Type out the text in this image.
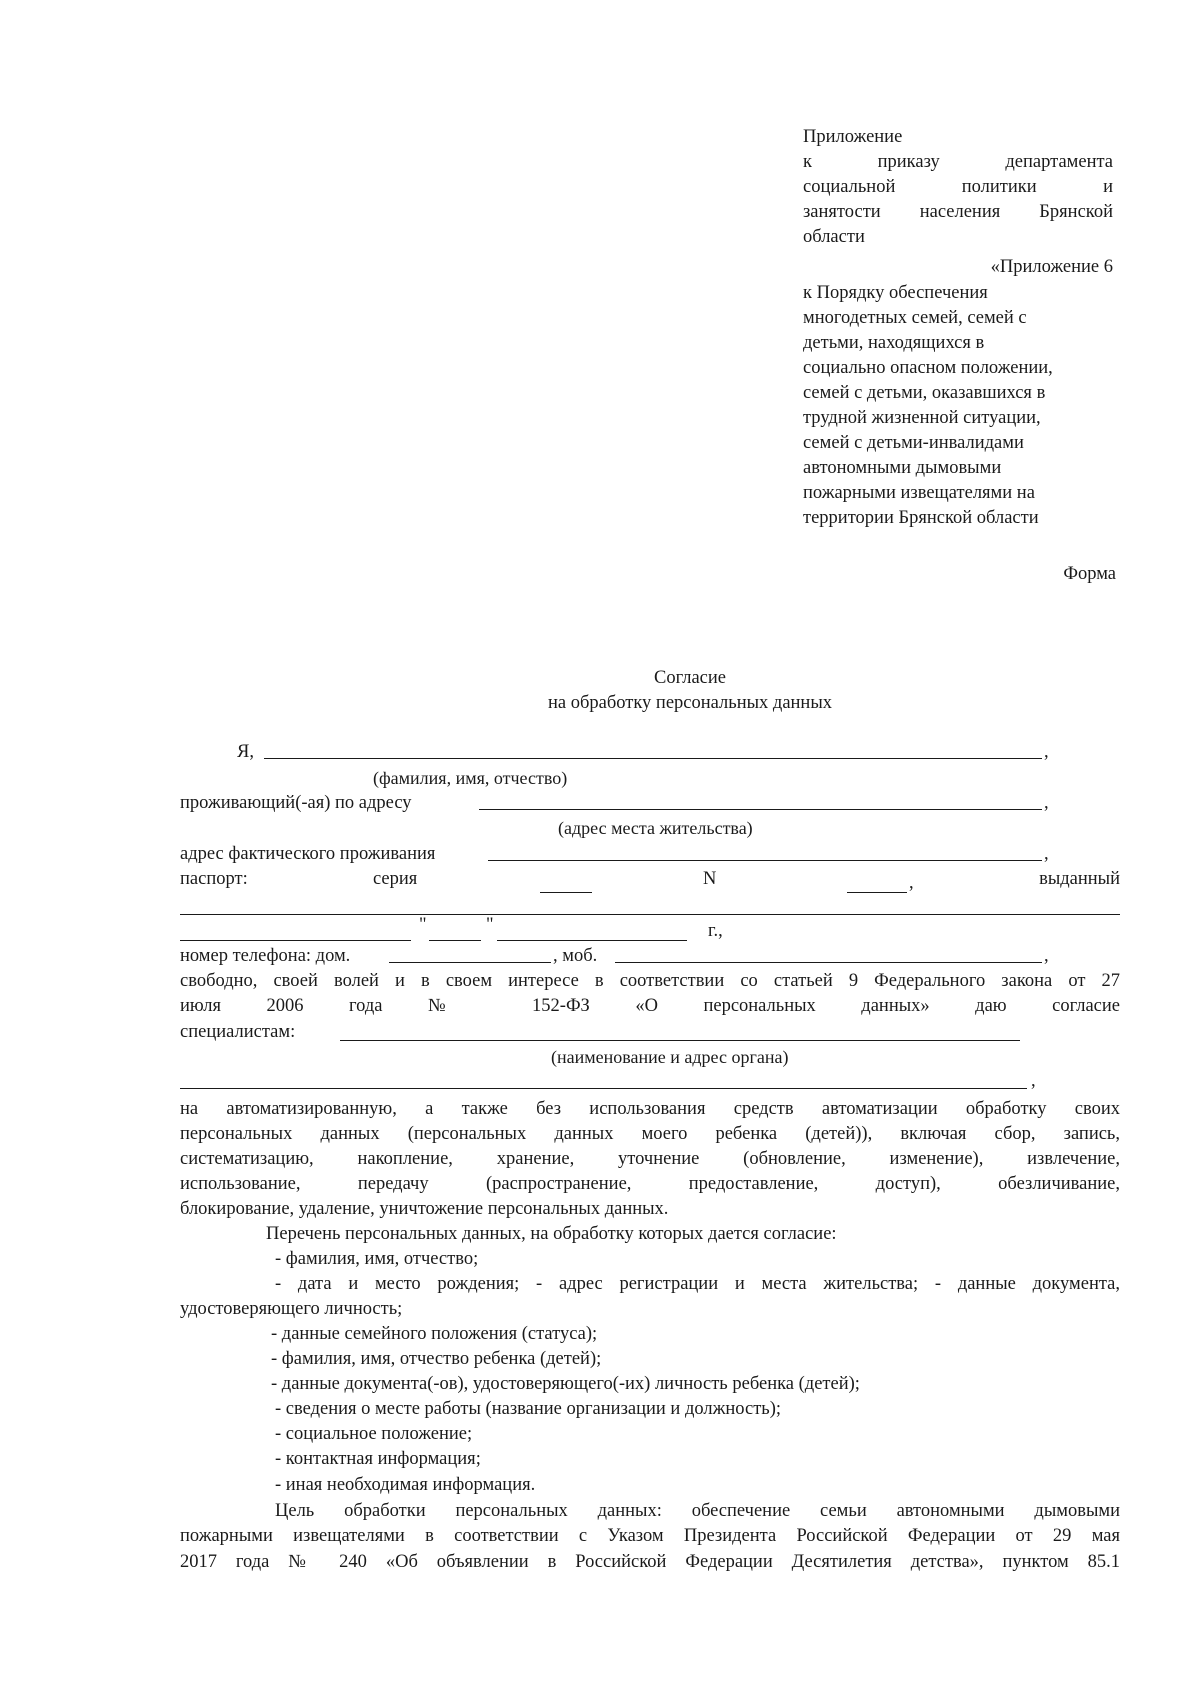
Приложение
к приказу департамента
социальной политики и
занятости населения Брянской
области
«Приложение 6
к Порядку обеспечения
многодетных семей, семей с
детьми, находящихся в
социально опасном положении,
семей с детьми, оказавшихся в
трудной жизненной ситуации,
семей с детьми-инвалидами
автономными дымовыми
пожарными извещателями на
территории Брянской области
Форма
Согласие
на обработку персональных данных
Я,	,
(фамилия, имя, отчество)
проживающий(-ая) по адресу	,
(адрес места жительства)
адрес фактического проживания	,
паспорт:	серия	N	,	выданный
"	"	г.,
номер телефона: дом.	, моб.	,
свободно, своей волей и в своем интересе в соответствии со статьей 9 Федерального закона от 27
июля 2006 года № 152-ФЗ «О персональных данных» даю согласие
специалистам:
(наименование и адрес органа)
,
на автоматизированную, а также без использования средств автоматизации обработку своих
персональных данных (персональных данных моего ребенка (детей)), включая сбор, запись,
систематизацию, накопление, хранение, уточнение (обновление, изменение), извлечение,
использование, передачу (распространение, предоставление, доступ), обезличивание,
блокирование, удаление, уничтожение персональных данных.
Перечень персональных данных, на обработку которых дается согласие:
- фамилия, имя, отчество;
- дата и место рождения; - адрес регистрации и места жительства; - данные документа,
удостоверяющего личность;
- данные семейного положения (статуса);
- фамилия, имя, отчество ребенка (детей);
- данные документа(-ов), удостоверяющего(-их) личность ребенка (детей);
- сведения о месте работы (название организации и должность);
- социальное положение;
- контактная информация;
- иная необходимая информация.
Цель обработки персональных данных: обеспечение семьи автономными дымовыми
пожарными извещателями в соответствии с Указом Президента Российской Федерации от 29 мая
2017 года № 240 «Об объявлении в Российской Федерации Десятилетия детства», пунктом 85.1
